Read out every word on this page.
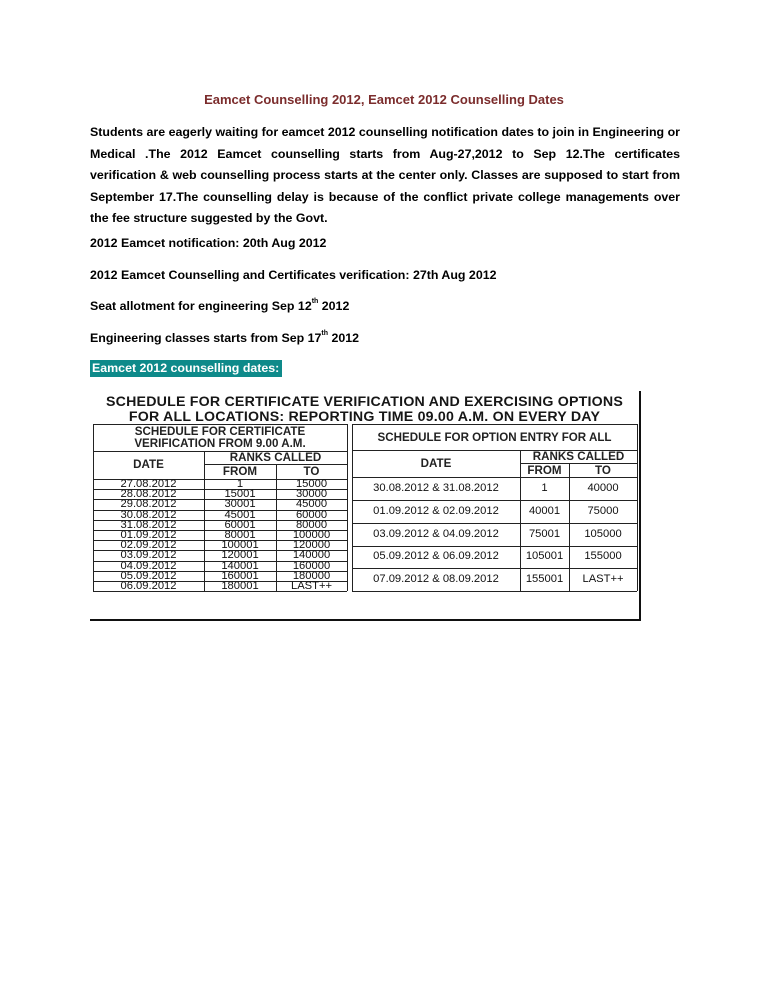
Eamcet Counselling 2012, Eamcet 2012 Counselling Dates

Students are eagerly waiting for eamcet 2012 counselling notification dates to join in Engineering or Medical .The 2012 Eamcet counselling starts from Aug-27,2012 to Sep 12.The certificates verification & web counselling process starts at the center only. Classes are supposed to start from September 17.The counselling delay is because of the conflict private college managements over the fee structure suggested by the Govt.

2012 Eamcet notification: 20th Aug 2012

2012 Eamcet Counselling and Certificates verification: 27th Aug 2012

Seat allotment for engineering Sep 12th 2012

Engineering classes starts from Sep 17th 2012

Eamcet 2012 counselling dates:
SCHEDULE FOR CERTIFICATE VERIFICATION AND EXERCISING OPTIONS
FOR ALL LOCATIONS: REPORTING TIME 09.00 A.M. ON EVERY DAY
SCHEDULE FOR CERTIFICATE
VERIFICATION FROM 9.00 A.M.
DATE
RANKS CALLED
FROM	TO
27.08.2012	1	15000
28.08.2012	15001	30000
29.08.2012	30001	45000
30.08.2012	45001	60000
31.08.2012	60001	80000
01.09.2012	80001	100000
02.09.2012	100001	120000
03.09.2012	120001	140000
04.09.2012	140001	160000
05.09.2012	160001	180000
06.09.2012	180001	LAST++
SCHEDULE FOR OPTION ENTRY FOR ALL
DATE
RANKS CALLED
FROM	TO
30.08.2012 & 31.08.2012	1	40000
01.09.2012 & 02.09.2012	40001	75000
03.09.2012 & 04.09.2012	75001	105000
05.09.2012 & 06.09.2012	105001	155000
07.09.2012 & 08.09.2012	155001	LAST++
